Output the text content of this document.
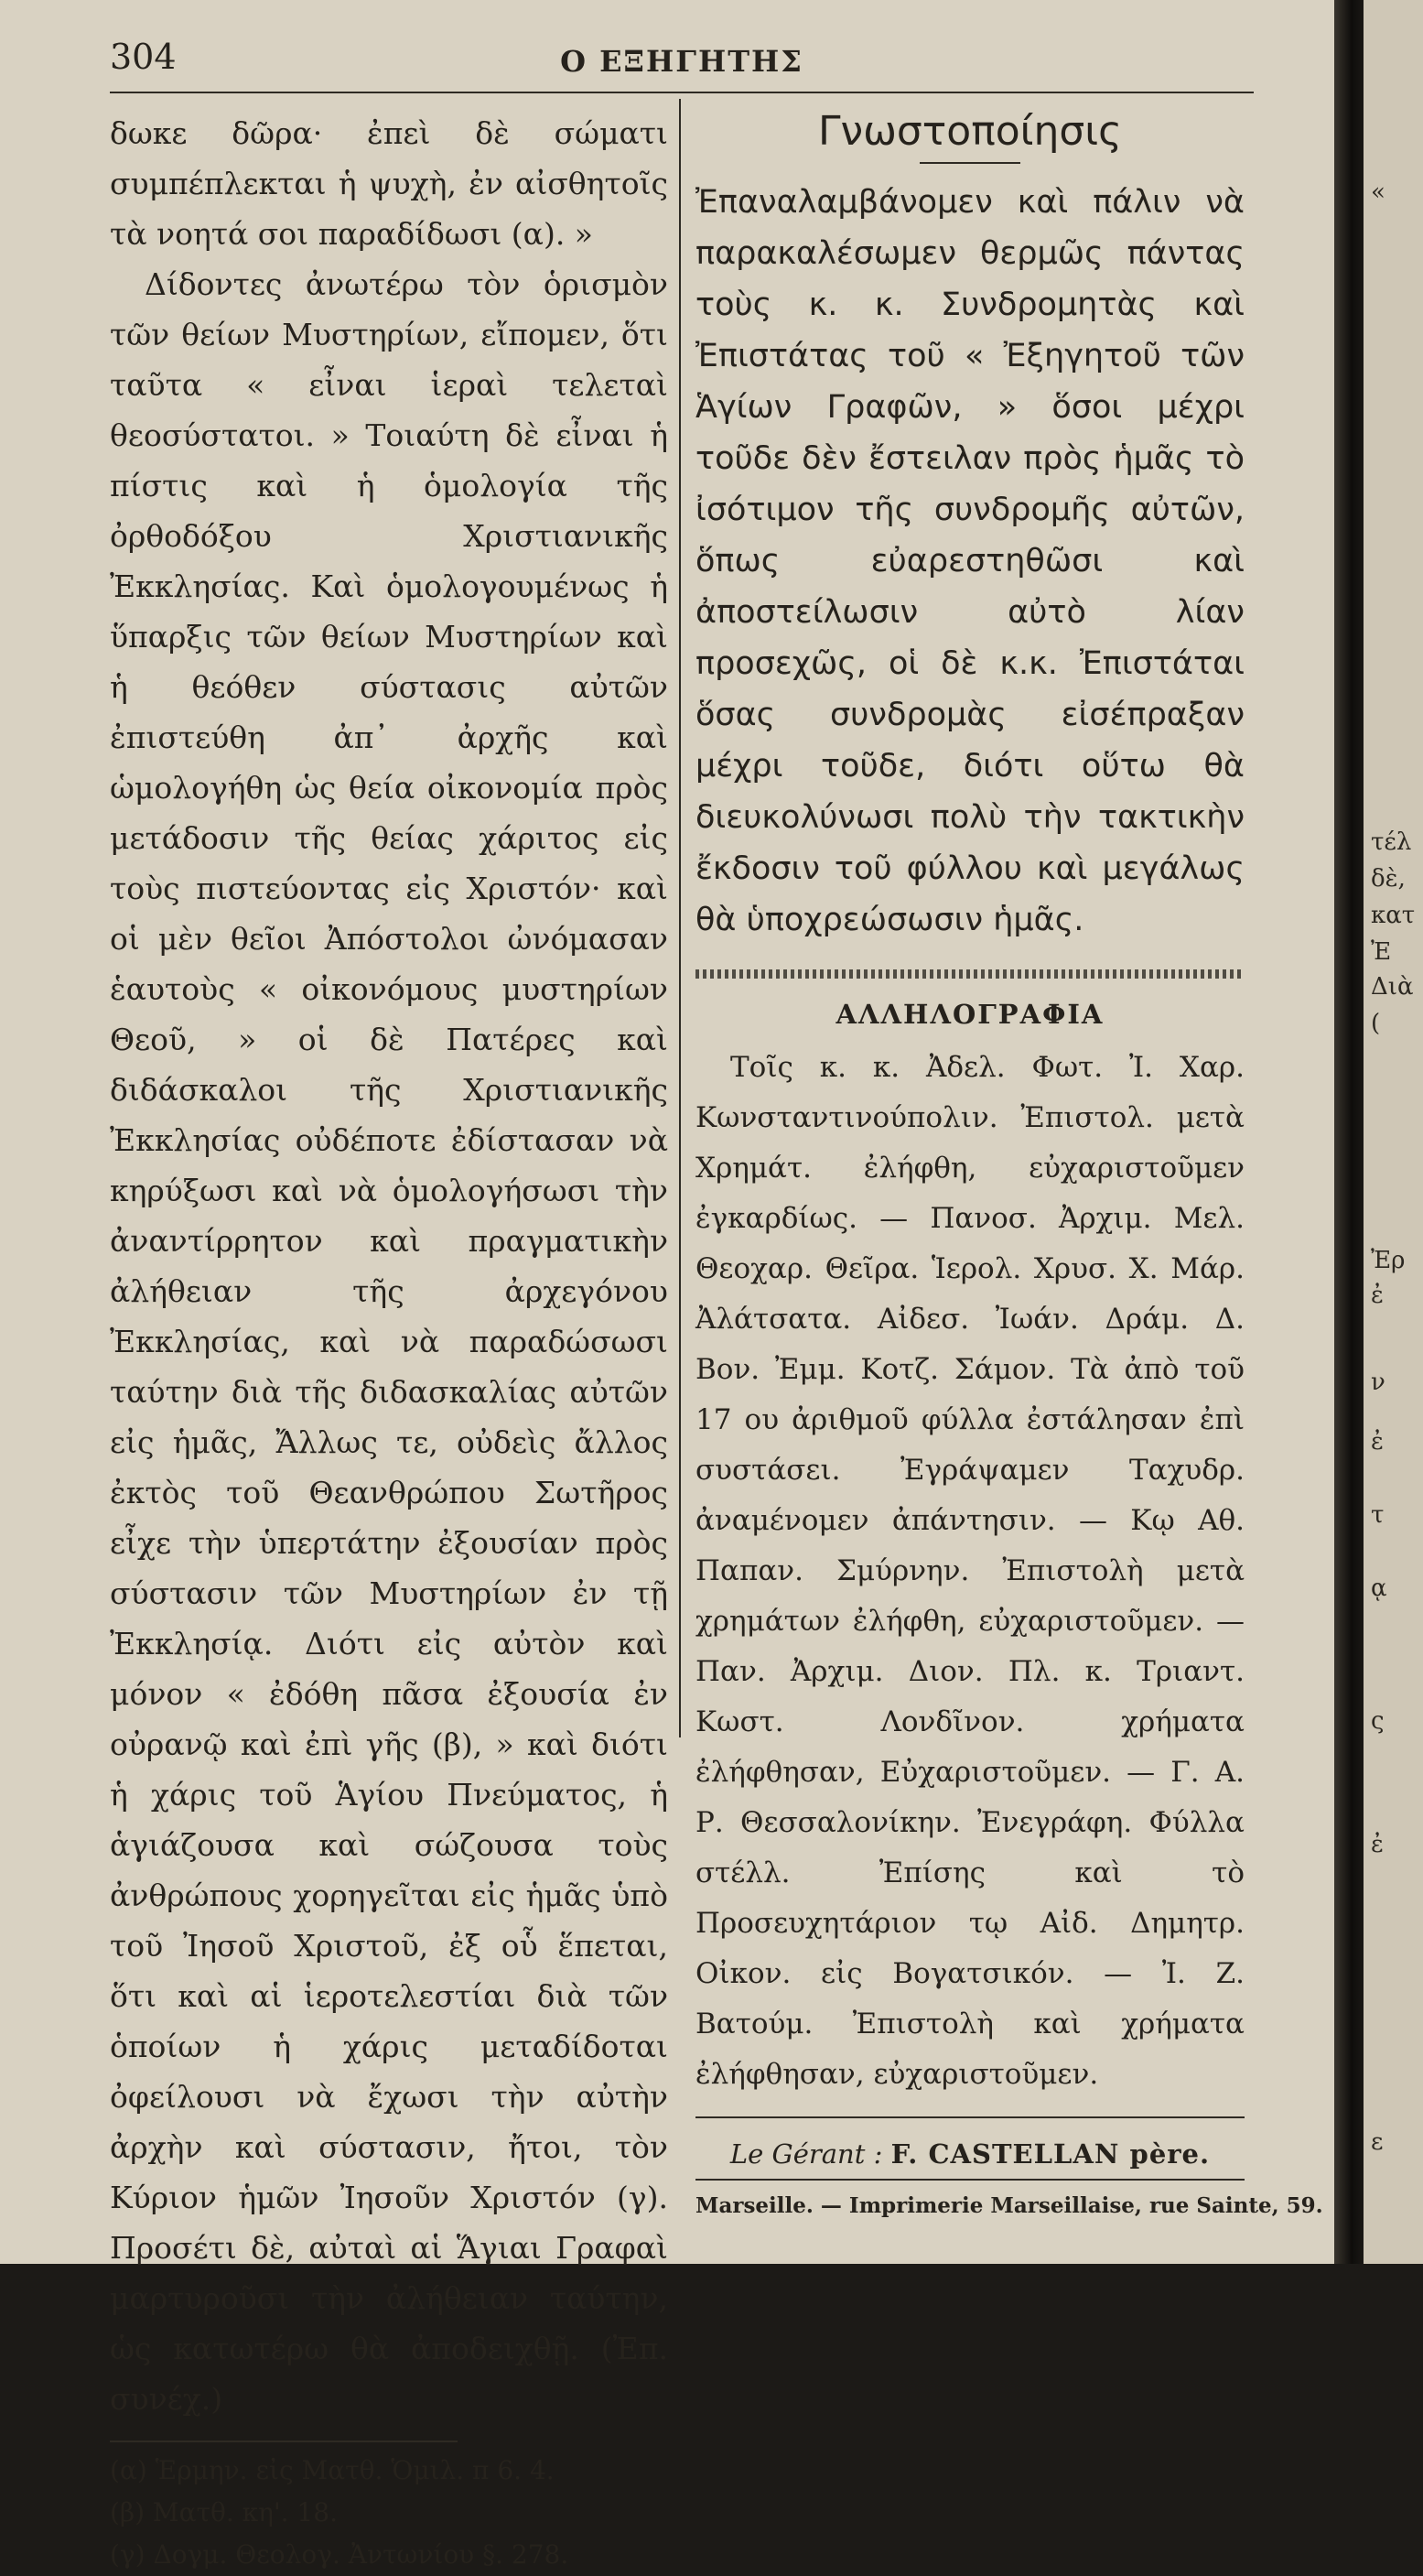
304	Ο ΕΞΗΓΗΤΗΣ

δωκε δῶρα· ἐπεὶ δὲ σώματι συμπέπλεκται ἡ ψυχὴ, ἐν αἰσθητοῖς τὰ νοητά σοι παραδίδωσι (α). »

Δίδοντες ἀνωτέρω τὸν ὁρισμὸν τῶν θείων Μυστηρίων, εἴπομεν, ὅτι ταῦτα « εἶναι ἱεραὶ τελεταὶ θεοσύστατοι. » Τοιαύτη δὲ εἶναι ἡ πίστις καὶ ἡ ὁμολογία τῆς ὀρθοδόξου Χριστιανικῆς Ἐκκλησίας. Καὶ ὁμολογουμένως ἡ ὕπαρξις τῶν θείων Μυστηρίων καὶ ἡ θεόθεν σύστασις αὐτῶν ἐπιστεύθη ἀπ᾽ ἀρχῆς καὶ ὡμολογήθη ὡς θεία οἰκονομία πρὸς μετάδοσιν τῆς θείας χάριτος εἰς τοὺς πιστεύοντας εἰς Χριστόν· καὶ οἱ μὲν θεῖοι Ἀπόστολοι ὠνόμασαν ἑαυτοὺς « οἰκονόμους μυστηρίων Θεοῦ, » οἱ δὲ Πατέρες καὶ διδάσκαλοι τῆς Χριστιανικῆς Ἐκκλησίας οὐδέποτε ἐδίστασαν νὰ κηρύξωσι καὶ νὰ ὁμολογήσωσι τὴν ἀναντίρρητον καὶ πραγματικὴν ἀλήθειαν τῆς ἀρχεγόνου Ἐκκλησίας, καὶ νὰ παραδώσωσι ταύτην διὰ τῆς διδασκαλίας αὐτῶν εἰς ἡμᾶς, Ἄλλως τε, οὐδεὶς ἄλλος ἐκτὸς τοῦ Θεανθρώπου Σωτῆρος εἶχε τὴν ὑπερτάτην ἐξουσίαν πρὸς σύστασιν τῶν Μυστηρίων ἐν τῇ Ἐκκλησίᾳ. Διότι εἰς αὐτὸν καὶ μόνον « ἐδόθη πᾶσα ἐξουσία ἐν οὐρανῷ καὶ ἐπὶ γῆς (β), » καὶ διότι ἡ χάρις τοῦ Ἁγίου Πνεύματος, ἡ ἁγιάζουσα καὶ σώζουσα τοὺς ἀνθρώπους χορηγεῖται εἰς ἡμᾶς ὑπὸ τοῦ Ἰησοῦ Χριστοῦ, ἐξ οὗ ἕπεται, ὅτι καὶ αἱ ἱεροτελεστίαι διὰ τῶν ὁποίων ἡ χάρις μεταδίδοται ὀφείλουσι νὰ ἔχωσι τὴν αὐτὴν ἀρχὴν καὶ σύστασιν, ἤτοι, τὸν Κύριον ἡμῶν Ἰησοῦν Χριστόν (γ). Προσέτι δὲ, αὐταὶ αἱ Ἅγιαι Γραφαὶ μαρτυροῦσι τὴν ἀλήθειαν ταύτην, ὡς κατωτέρω θὰ ἀποδειχθῇ. (Ἐπ. συνέχ.)

(α) Ἑρμην. εἰς Ματθ. Ὁμιλ. π 6. 4.
(β) Ματθ. κη'. 18.
(γ) Δογμ. Θεολογ. Ἀντωνίου §. 278.
Γνωστοποίησις

Ἐπαναλαμβάνομεν καὶ πάλιν νὰ παρακαλέσωμεν θερμῶς πάντας τοὺς κ. κ. Συνδρομητὰς καὶ Ἐπιστάτας τοῦ « Ἐξηγητοῦ τῶν Ἁγίων Γραφῶν, » ὅσοι μέχρι τοῦδε δὲν ἔστειλαν πρὸς ἡμᾶς τὸ ἰσότιμον τῆς συνδρομῆς αὐτῶν, ὅπως εὐαρεστηθῶσι καὶ ἀποστείλωσιν αὐτὸ λίαν προσεχῶς, οἱ δὲ κ.κ. Ἐπιστάται ὅσας συνδρομὰς εἰσέπραξαν μέχρι τοῦδε, διότι οὕτω θὰ διευκολύνωσι πολὺ τὴν τακτικὴν ἔκδοσιν τοῦ φύλλου καὶ μεγάλως θὰ ὑποχρεώσωσιν ἡμᾶς.

ΑΛΛΗΛΟΓΡΑΦΙΑ

Τοῖς κ. κ. Ἀδελ. Φωτ. Ἰ. Χαρ. Κωνσταντινούπολιν. Ἐπιστολ. μετὰ Χρημάτ. ἐλήφθη, εὐχαριστοῦμεν ἐγκαρδίως. — Πανοσ. Ἀρχιμ. Μελ. Θεοχαρ. Θεῖρα. Ἱερολ. Χρυσ. Χ. Μάρ. Ἀλάτσατα. Αἰδεσ. Ἰωάν. Δράμ. Δ. Βον. Ἐμμ. Κοτζ. Σάμον. Τὰ ἀπὸ τοῦ 17 ου ἀριθμοῦ φύλλα ἐστάλησαν ἐπὶ συστάσει. Ἐγράψαμεν Ταχυδρ. ἀναμένομεν ἀπάντησιν. — Κῳ Αθ. Παπαν. Σμύρνην. Ἐπιστολὴ μετὰ χρημάτων ἐλήφθη, εὐχαριστοῦμεν. — Παν. Ἀρχιμ. Διον. Πλ. κ. Τριαντ. Κωστ. Λονδῖνον. χρήματα ἐλήφθησαν, Εὐχαριστοῦμεν. — Γ. Α. Ρ. Θεσσαλονίκην. Ἐνεγράφη. Φύλλα στέλλ. Ἐπίσης καὶ τὸ Προσευχητάριον τῳ Αἰδ. Δημητρ. Οἰκον. εἰς Βογατσικόν. — Ἰ. Ζ. Βατούμ. Ἐπιστολὴ καὶ χρήματα ἐλήφθησαν, εὐχαριστοῦμεν.

Le Gérant : F. CASTELLAN père.
Marseille. — Imprimerie Marseillaise, rue Sainte, 59.
«
τέλ
δὲ,
κατ
Ἐ
Διὰ
(
Ἐρ
ἐ
ν
ἐ
τ
ᾳ
ς
ἐ
ε
